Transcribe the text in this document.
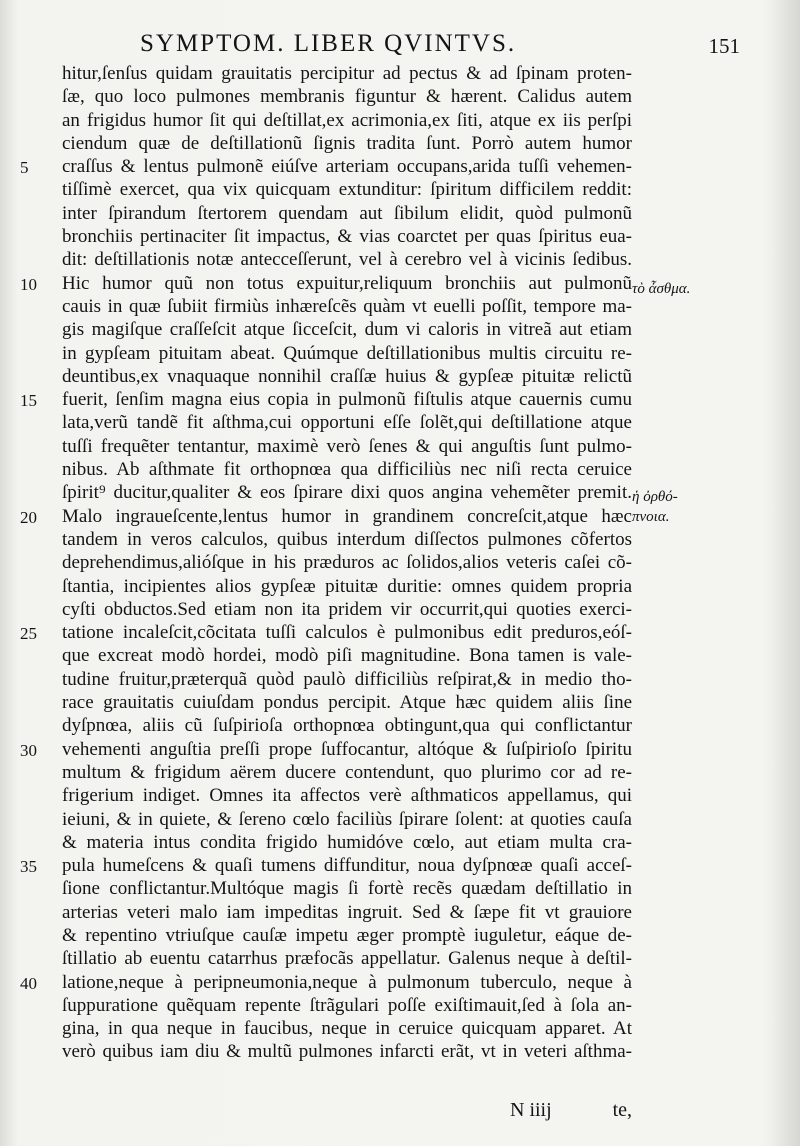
SYMPTOM. LIBER QVINTVS.	151
hitur,ſenſus quidam grauitatis percipitur ad pectus & ad ſpinam proten-
ſæ, quo loco pulmones membranis figuntur & hærent. Calidus autem
an frigidus humor ſit qui deſtillat,ex acrimonia,ex ſiti, atque ex iis perſpi
ciendum quæ de deſtillationũ ſignis tradita ſunt. Porrò autem humor
craſſus & lentus pulmonẽ eiúſve arteriam occupans,arida tuſſi vehemen-
tiſſimè exercet, qua vix quicquam extunditur: ſpiritum difficilem reddit:
inter ſpirandum ſtertorem quendam aut ſibilum elidit, quòd pulmonũ
bronchiis pertinaciter ſit impactus, & vias coarctet per quas ſpiritus eua-
dit: deſtillationis notæ antecceſſerunt, vel à cerebro vel à vicinis ſedibus.
Hic humor quũ non totus expuitur,reliquum bronchiis aut pulmonũ
cauis in quæ ſubiit firmiùs inhæreſcẽs quàm vt euelli poſſit, tempore ma-
gis magiſque craſſeſcit atque ſicceſcit, dum vi caloris in vitreã aut etiam
in gypſeam pituitam abeat. Quúmque deſtillationibus multis circuitu re-
deuntibus,ex vnaquaque nonnihil craſſæ huius & gypſeæ pituitæ relictũ
fuerit, ſenſim magna eius copia in pulmonũ fiſtulis atque cauernis cumu
lata,verũ tandẽ fit aſthma,cui opportuni eſſe ſolẽt,qui deſtillatione atque
tuſſi frequẽter tentantur, maximè verò ſenes & qui anguſtis ſunt pulmo-
nibus. Ab aſthmate fit orthopnœa qua difficiliùs nec niſi recta ceruice
ſpirit⁹ ducitur,qualiter & eos ſpirare dixi quos angina vehemẽter premit.
Malo ingraueſcente,lentus humor in grandinem concreſcit,atque hæc
tandem in veros calculos, quibus interdum diſſectos pulmones cõfertos
deprehendimus,alióſque in his præduros ac ſolidos,alios veteris caſei cõ-
ſtantia, incipientes alios gypſeæ pituitæ duritie: omnes quidem propria
cyſti obductos.Sed etiam non ita pridem vir occurrit,qui quoties exerci-
tatione incaleſcit,cõcitata tuſſi calculos è pulmonibus edit preduros,eóſ-
que excreat modò hordei, modò piſi magnitudine. Bona tamen is vale-
tudine fruitur,præterquã quòd paulò difficiliùs reſpirat,& in medio tho-
race grauitatis cuiuſdam pondus percipit. Atque hæc quidem aliis ſine
dyſpnœa, aliis cũ ſuſpirioſa orthopnœa obtingunt,qua qui conflictantur
vehementi anguſtia preſſi prope ſuffocantur, altóque & ſuſpirioſo ſpiritu
multum & frigidum aërem ducere contendunt, quo plurimo cor ad re-
frigerium indiget. Omnes ita affectos verè aſthmaticos appellamus, qui
ieiuni, & in quiete, & ſereno cœlo faciliùs ſpirare ſolent: at quoties cauſa
& materia intus condita frigido humidóve cœlo, aut etiam multa cra-
pula humeſcens & quaſi tumens diffunditur, noua dyſpnœæ quaſi acceſ-
ſione conflictantur.Multóque magis ſi fortè recẽs quædam deſtillatio in
arterias veteri malo iam impeditas ingruit. Sed & ſæpe fit vt grauiore
& repentino vtriuſque cauſæ impetu æger promptè iuguletur, eáque de-
ſtillatio ab euentu catarrhus præfocãs appellatur. Galenus neque à deſtil-
latione,neque à peripneumonia,neque à pulmonum tuberculo, neque à
ſuppuratione quẽquam repente ſtrãgulari poſſe exiſtimauit,ſed à ſola an-
gina, in qua neque in faucibus, neque in ceruice quicquam apparet. At
verò quibus iam diu & multũ pulmones infarcti erãt, vt in veteri aſthma-
5
10
15
20
25
30
35
40
τὸ ἆσθμα.
ἡ ὀρθό-
πνοια.
N iiij	te,
